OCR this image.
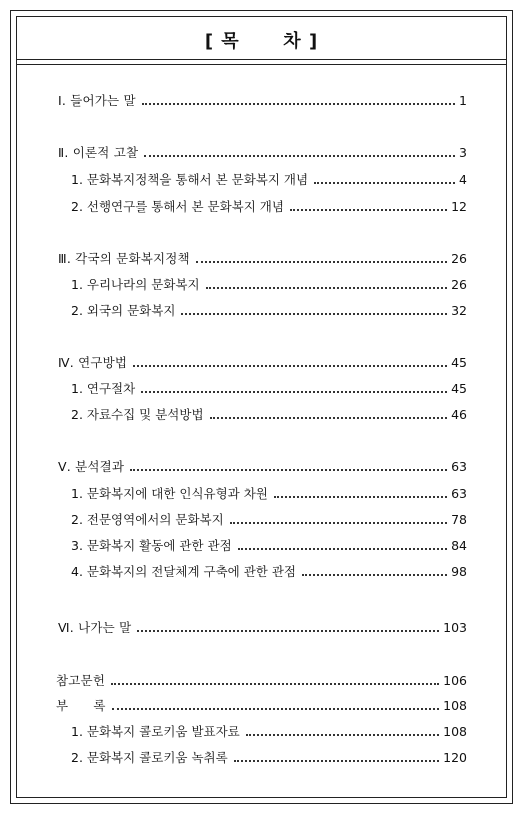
[ 목      차 ]
Ⅰ. 들어가는 말	1
Ⅱ. 이론적 고찰	3
1. 문화복지정책을 통해서 본 문화복지 개념	4
2. 선행연구를 통해서 본 문화복지 개념	12
Ⅲ. 각국의 문화복지정책	26
1. 우리나라의 문화복지	26
2. 외국의 문화복지	32
Ⅳ. 연구방법	45
1. 연구절차	45
2. 자료수집 및 분석방법	46
Ⅴ. 분석결과	63
1. 문화복지에 대한 인식유형과 차원	63
2. 전문영역에서의 문화복지	78
3. 문화복지 활동에 관한 관점	84
4. 문화복지의 전달체계 구축에 관한 관점	98
Ⅵ. 나가는 말	103
참고문헌	106
부      록	108
1. 문화복지 콜로키움 발표자료	108
2. 문화복지 콜로키움 녹취록	120
